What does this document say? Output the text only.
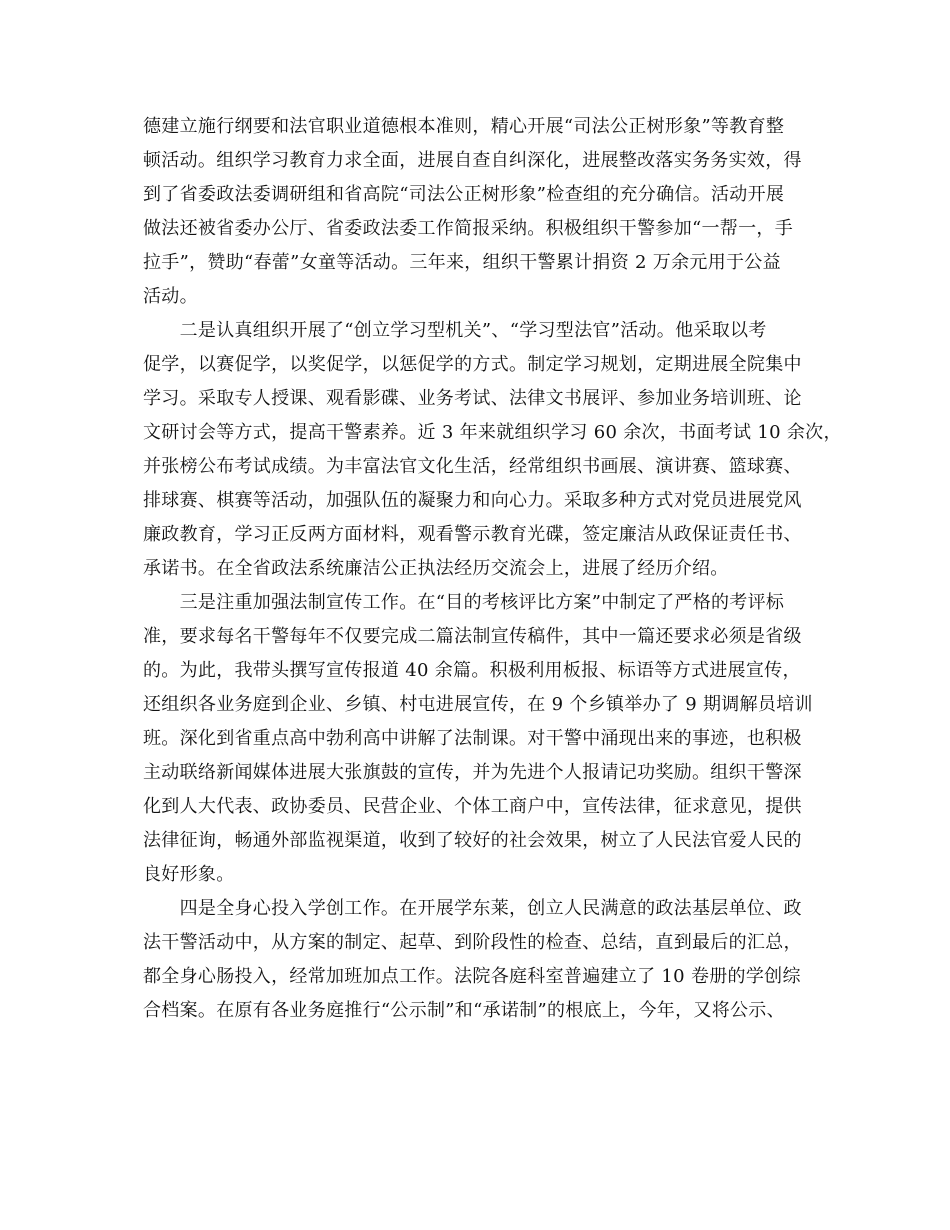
德建立施行纲要和法官职业道德根本准则，精心开展“司法公正树形象”等教育整
顿活动。组织学习教育力求全面，进展自查自纠深化，进展整改落实务务实效，得
到了省委政法委调研组和省高院“司法公正树形象”检查组的充分确信。活动开展
做法还被省委办公厅、省委政法委工作简报采纳。积极组织干警参加“一帮一，手
拉手”，赞助“春蕾”女童等活动。三年来，组织干警累计捐资 2 万余元用于公益
活动。
　　二是认真组织开展了“创立学习型机关”、“学习型法官”活动。他采取以考
促学，以赛促学，以奖促学，以惩促学的方式。制定学习规划，定期进展全院集中
学习。采取专人授课、观看影碟、业务考试、法律文书展评、参加业务培训班、论
文研讨会等方式，提高干警素养。近 3 年来就组织学习 60 余次，书面考试 10 余次，
并张榜公布考试成绩。为丰富法官文化生活，经常组织书画展、演讲赛、篮球赛、
排球赛、棋赛等活动，加强队伍的凝聚力和向心力。采取多种方式对党员进展党风
廉政教育，学习正反两方面材料，观看警示教育光碟，签定廉洁从政保证责任书、
承诺书。在全省政法系统廉洁公正执法经历交流会上，进展了经历介绍。
　　三是注重加强法制宣传工作。在“目的考核评比方案”中制定了严格的考评标
准，要求每名干警每年不仅要完成二篇法制宣传稿件，其中一篇还要求必须是省级
的。为此，我带头撰写宣传报道 40 余篇。积极利用板报、标语等方式进展宣传，
还组织各业务庭到企业、乡镇、村屯进展宣传，在 9 个乡镇举办了 9 期调解员培训
班。深化到省重点高中勃利高中讲解了法制课。对干警中涌现出来的事迹，也积极
主动联络新闻媒体进展大张旗鼓的宣传，并为先进个人报请记功奖励。组织干警深
化到人大代表、政协委员、民营企业、个体工商户中，宣传法律，征求意见，提供
法律征询，畅通外部监视渠道，收到了较好的社会效果，树立了人民法官爱人民的
良好形象。
　　四是全身心投入学创工作。在开展学东莱，创立人民满意的政法基层单位、政
法干警活动中，从方案的制定、起草、到阶段性的检查、总结，直到最后的汇总，
都全身心肠投入，经常加班加点工作。法院各庭科室普遍建立了 10 卷册的学创综
合档案。在原有各业务庭推行“公示制”和“承诺制”的根底上，今年，又将公示、
